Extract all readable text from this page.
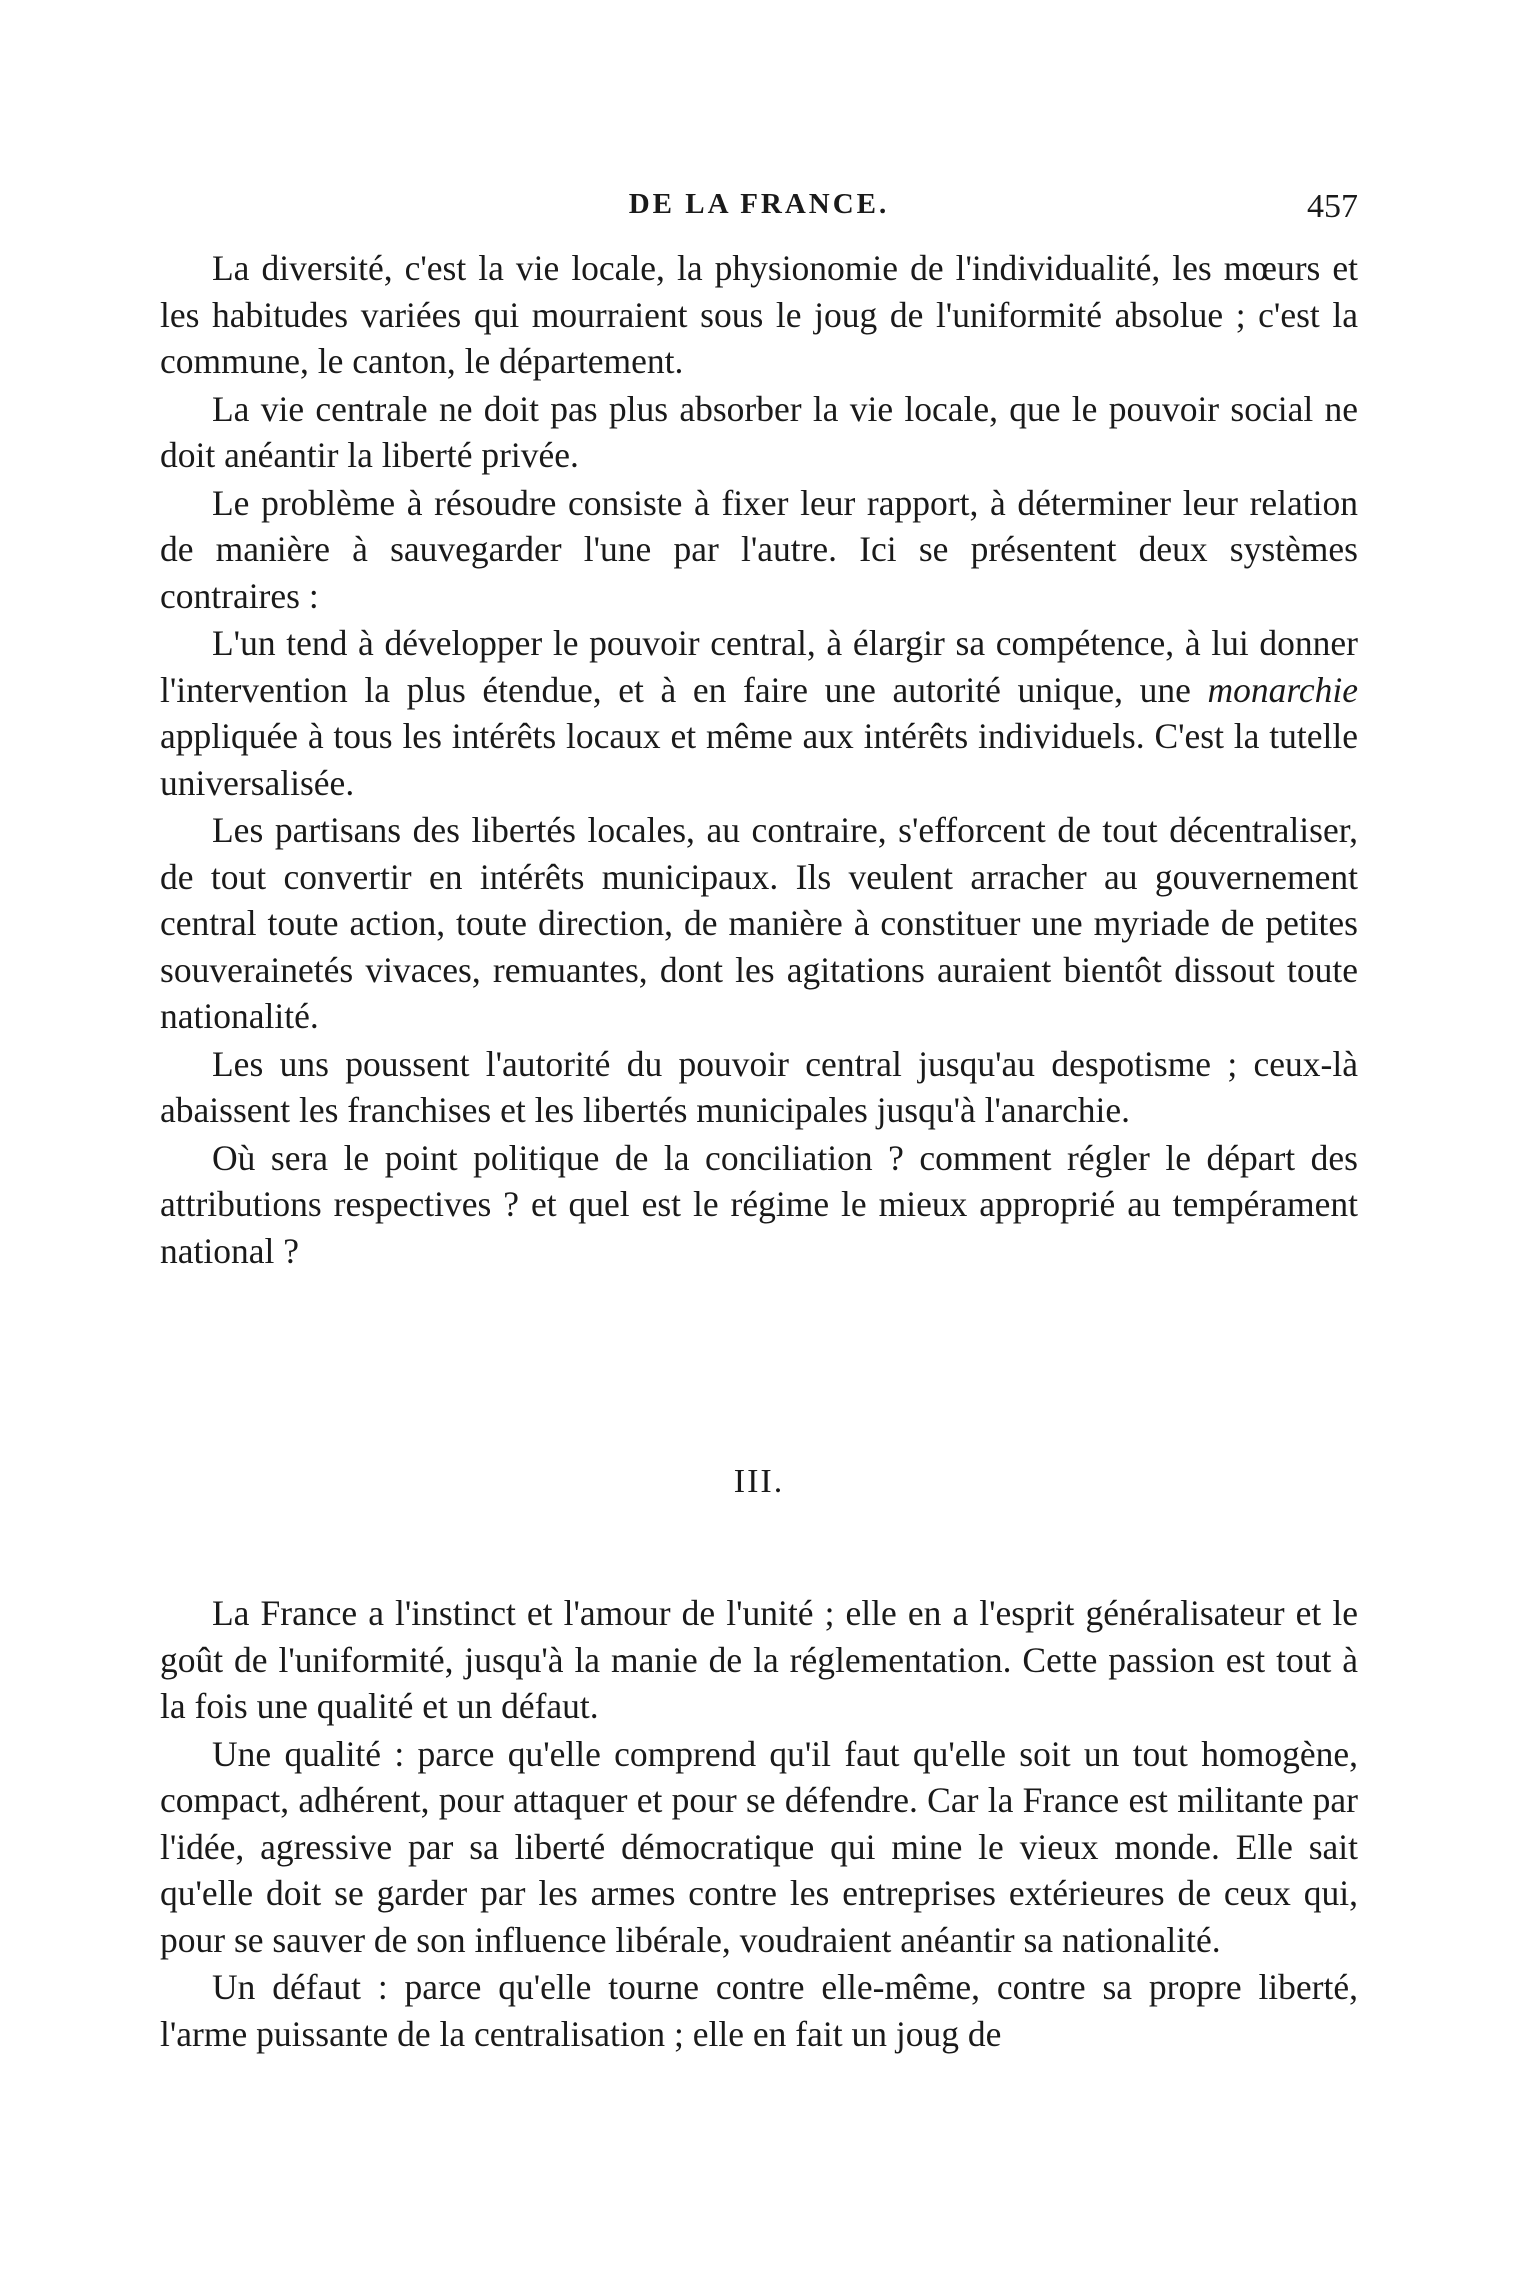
DE LA FRANCE.	457

La diversité, c'est la vie locale, la physionomie de l'individualité, les mœurs et les habitudes variées qui mourraient sous le joug de l'uniformité absolue ; c'est la commune, le canton, le département.

La vie centrale ne doit pas plus absorber la vie locale, que le pouvoir social ne doit anéantir la liberté privée.

Le problème à résoudre consiste à fixer leur rapport, à déterminer leur relation de manière à sauvegarder l'une par l'autre. Ici se présentent deux systèmes contraires :

L'un tend à développer le pouvoir central, à élargir sa compétence, à lui donner l'intervention la plus étendue, et à en faire une autorité unique, une monarchie appliquée à tous les intérêts locaux et même aux intérêts individuels. C'est la tutelle universalisée.

Les partisans des libertés locales, au contraire, s'efforcent de tout décentraliser, de tout convertir en intérêts municipaux. Ils veulent arracher au gouvernement central toute action, toute direction, de manière à constituer une myriade de petites souverainetés vivaces, remuantes, dont les agitations auraient bientôt dissout toute nationalité.

Les uns poussent l'autorité du pouvoir central jusqu'au despotisme ; ceux-là abaissent les franchises et les libertés municipales jusqu'à l'anarchie.

Où sera le point politique de la conciliation ? comment régler le départ des attributions respectives ? et quel est le régime le mieux approprié au tempérament national ?

III.

La France a l'instinct et l'amour de l'unité ; elle en a l'esprit généralisateur et le goût de l'uniformité, jusqu'à la manie de la réglementation. Cette passion est tout à la fois une qualité et un défaut.

Une qualité : parce qu'elle comprend qu'il faut qu'elle soit un tout homogène, compact, adhérent, pour attaquer et pour se défendre. Car la France est militante par l'idée, agressive par sa liberté démocratique qui mine le vieux monde. Elle sait qu'elle doit se garder par les armes contre les entreprises extérieures de ceux qui, pour se sauver de son influence libérale, voudraient anéantir sa nationalité.

Un défaut : parce qu'elle tourne contre elle-même, contre sa propre liberté, l'arme puissante de la centralisation ; elle en fait un joug de
